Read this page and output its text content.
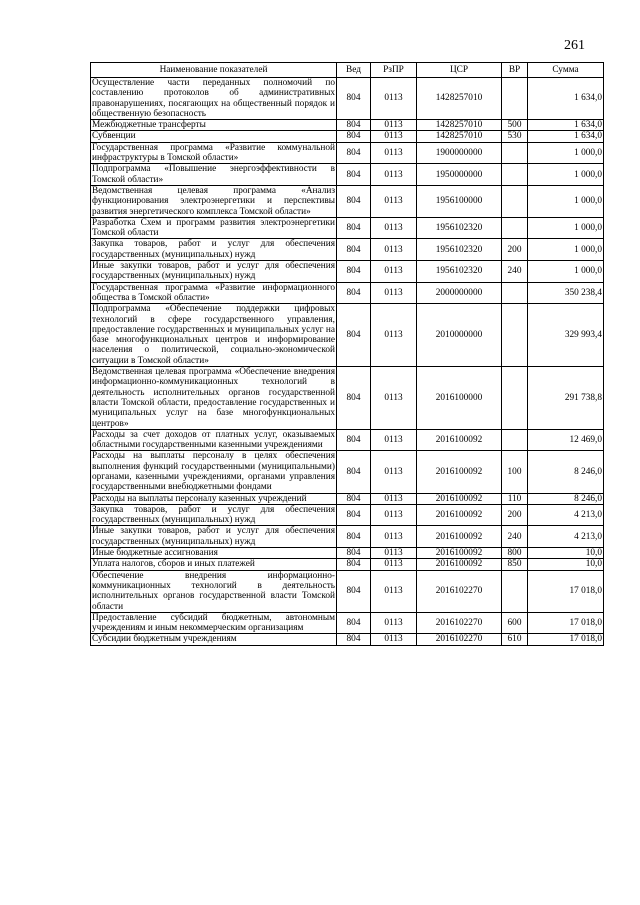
261
Наименование показателей	Вед	РзПР	ЦСР	ВР	Сумма
Осуществление части переданных полномочий по составлению протоколов об административных правонарушениях, посягающих на общественный порядок и общественную безопасность	804	0113	1428257010		1 634,0
Межбюджетные трансферты	804	0113	1428257010	500	1 634,0
Субвенции	804	0113	1428257010	530	1 634,0
Государственная программа «Развитие коммунальной инфраструктуры в Томской области»	804	0113	1900000000		1 000,0
Подпрограмма «Повышение энергоэффективности в Томской области»	804	0113	1950000000		1 000,0
Ведомственная целевая программа «Анализ функционирования электроэнергетики и перспективы развития энергетического комплекса Томской области»	804	0113	1956100000		1 000,0
Разработка Схем и программ развития электроэнергетики Томской области	804	0113	1956102320		1 000,0
Закупка товаров, работ и услуг для обеспечения государственных (муниципальных) нужд	804	0113	1956102320	200	1 000,0
Иные закупки товаров, работ и услуг для обеспечения государственных (муниципальных) нужд	804	0113	1956102320	240	1 000,0
Государственная программа «Развитие информационного общества в Томской области»	804	0113	2000000000		350 238,4
Подпрограмма «Обеспечение поддержки цифровых технологий в сфере государственного управления, предоставление государственных и муниципальных услуг на базе многофункциональных центров и информирование населения о политической, социально-экономической ситуации в Томской области»	804	0113	2010000000		329 993,4
Ведомственная целевая программа «Обеспечение внедрения информационно-коммуникационных технологий в деятельность исполнительных органов государственной власти Томской области, предоставление государственных и муниципальных услуг на базе многофункциональных центров»	804	0113	2016100000		291 738,8
Расходы за счет доходов от платных услуг, оказываемых областными государственными казенными учреждениями	804	0113	2016100092		12 469,0
Расходы на выплаты персоналу в целях обеспечения выполнения функций государственными (муниципальными) органами, казенными учреждениями, органами управления государственными внебюджетными фондами	804	0113	2016100092	100	8 246,0
Расходы на выплаты персоналу казенных учреждений	804	0113	2016100092	110	8 246,0
Закупка товаров, работ и услуг для обеспечения государственных (муниципальных) нужд	804	0113	2016100092	200	4 213,0
Иные закупки товаров, работ и услуг для обеспечения государственных (муниципальных) нужд	804	0113	2016100092	240	4 213,0
Иные бюджетные ассигнования	804	0113	2016100092	800	10,0
Уплата налогов, сборов и иных платежей	804	0113	2016100092	850	10,0
Обеспечение внедрения информационно-коммуникационных технологий в деятельность исполнительных органов государственной власти Томской области	804	0113	2016102270		17 018,0
Предоставление субсидий бюджетным, автономным учреждениям и иным некоммерческим организациям	804	0113	2016102270	600	17 018,0
Субсидии бюджетным учреждениям	804	0113	2016102270	610	17 018,0
